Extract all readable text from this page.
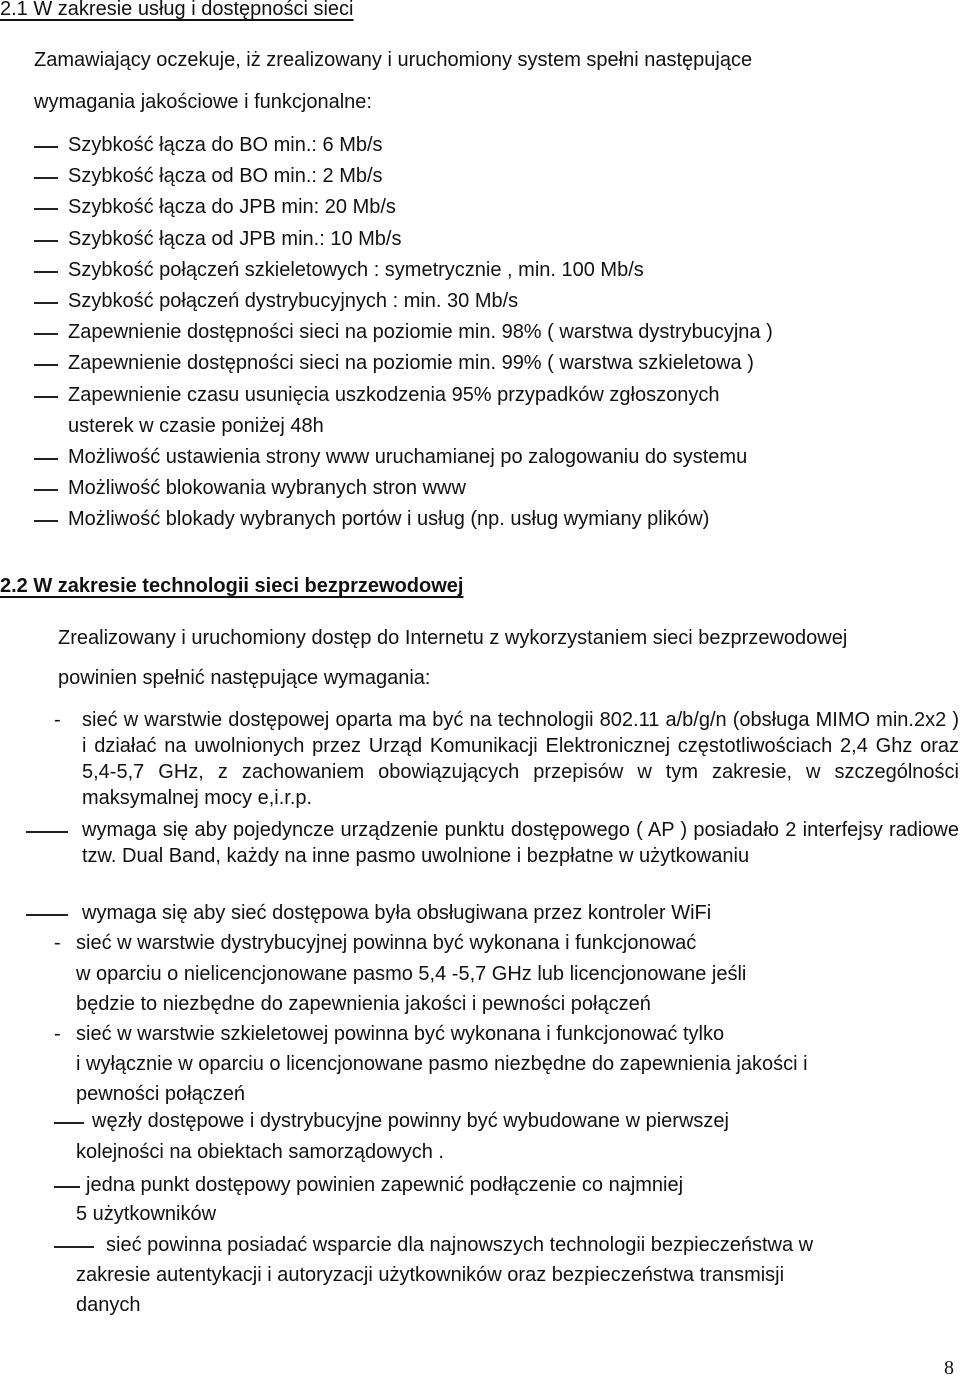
2.1 W zakresie usług i dostępności sieci
Zamawiający oczekuje, iż zrealizowany i uruchomiony system spełni następujące
wymagania jakościowe i funkcjonalne:
Szybkość łącza do BO min.: 6 Mb/s
Szybkość łącza od BO min.: 2 Mb/s
Szybkość łącza do JPB min: 20 Mb/s
Szybkość łącza od JPB min.: 10 Mb/s
Szybkość połączeń szkieletowych : symetrycznie , min. 100 Mb/s
Szybkość połączeń dystrybucyjnych : min. 30 Mb/s
Zapewnienie dostępności sieci na poziomie min. 98% ( warstwa dystrybucyjna )
Zapewnienie dostępności sieci na poziomie min. 99% ( warstwa szkieletowa )
Zapewnienie czasu usunięcia uszkodzenia 95% przypadków zgłoszonych
usterek w czasie poniżej 48h
Możliwość ustawienia strony www uruchamianej po zalogowaniu do systemu
Możliwość blokowania wybranych stron www
Możliwość blokady wybranych portów i usług (np. usług wymiany plików)
2.2 W zakresie technologii sieci bezprzewodowej
Zrealizowany i uruchomiony dostęp do Internetu z wykorzystaniem sieci bezprzewodowej
powinien spełnić następujące wymagania:
- sieć w warstwie dostępowej oparta ma być na technologii 802.11 a/b/g/n (obsługa MIMO min.2x2 ) i działać na uwolnionych przez Urząd Komunikacji Elektronicznej częstotliwościach 2,4 Ghz oraz 5,4-5,7 GHz, z zachowaniem obowiązujących przepisów w tym zakresie, w szczególności maksymalnej mocy e,i.r.p.
wymaga się aby pojedyncze urządzenie punktu dostępowego ( AP ) posiadało 2 interfejsy radiowe tzw. Dual Band, każdy na inne pasmo uwolnione i bezpłatne w użytkowaniu
wymaga się aby sieć dostępowa była obsługiwana przez kontroler WiFi
- sieć w warstwie dystrybucyjnej powinna być wykonana i funkcjonować
w oparciu o nielicencjonowane pasmo 5,4 -5,7 GHz lub licencjonowane jeśli
będzie to niezbędne do zapewnienia jakości i pewności połączeń
- sieć w warstwie szkieletowej powinna być wykonana i funkcjonować tylko
i wyłącznie w oparciu o licencjonowane pasmo niezbędne do zapewnienia jakości i
pewności połączeń
węzły dostępowe i dystrybucyjne powinny być wybudowane w pierwszej
kolejności na obiektach samorządowych .
jedna punkt dostępowy powinien zapewnić podłączenie co najmniej
5 użytkowników
sieć powinna posiadać wsparcie dla najnowszych technologii bezpieczeństwa w
zakresie autentykacji i autoryzacji użytkowników oraz bezpieczeństwa transmisji
danych
8
